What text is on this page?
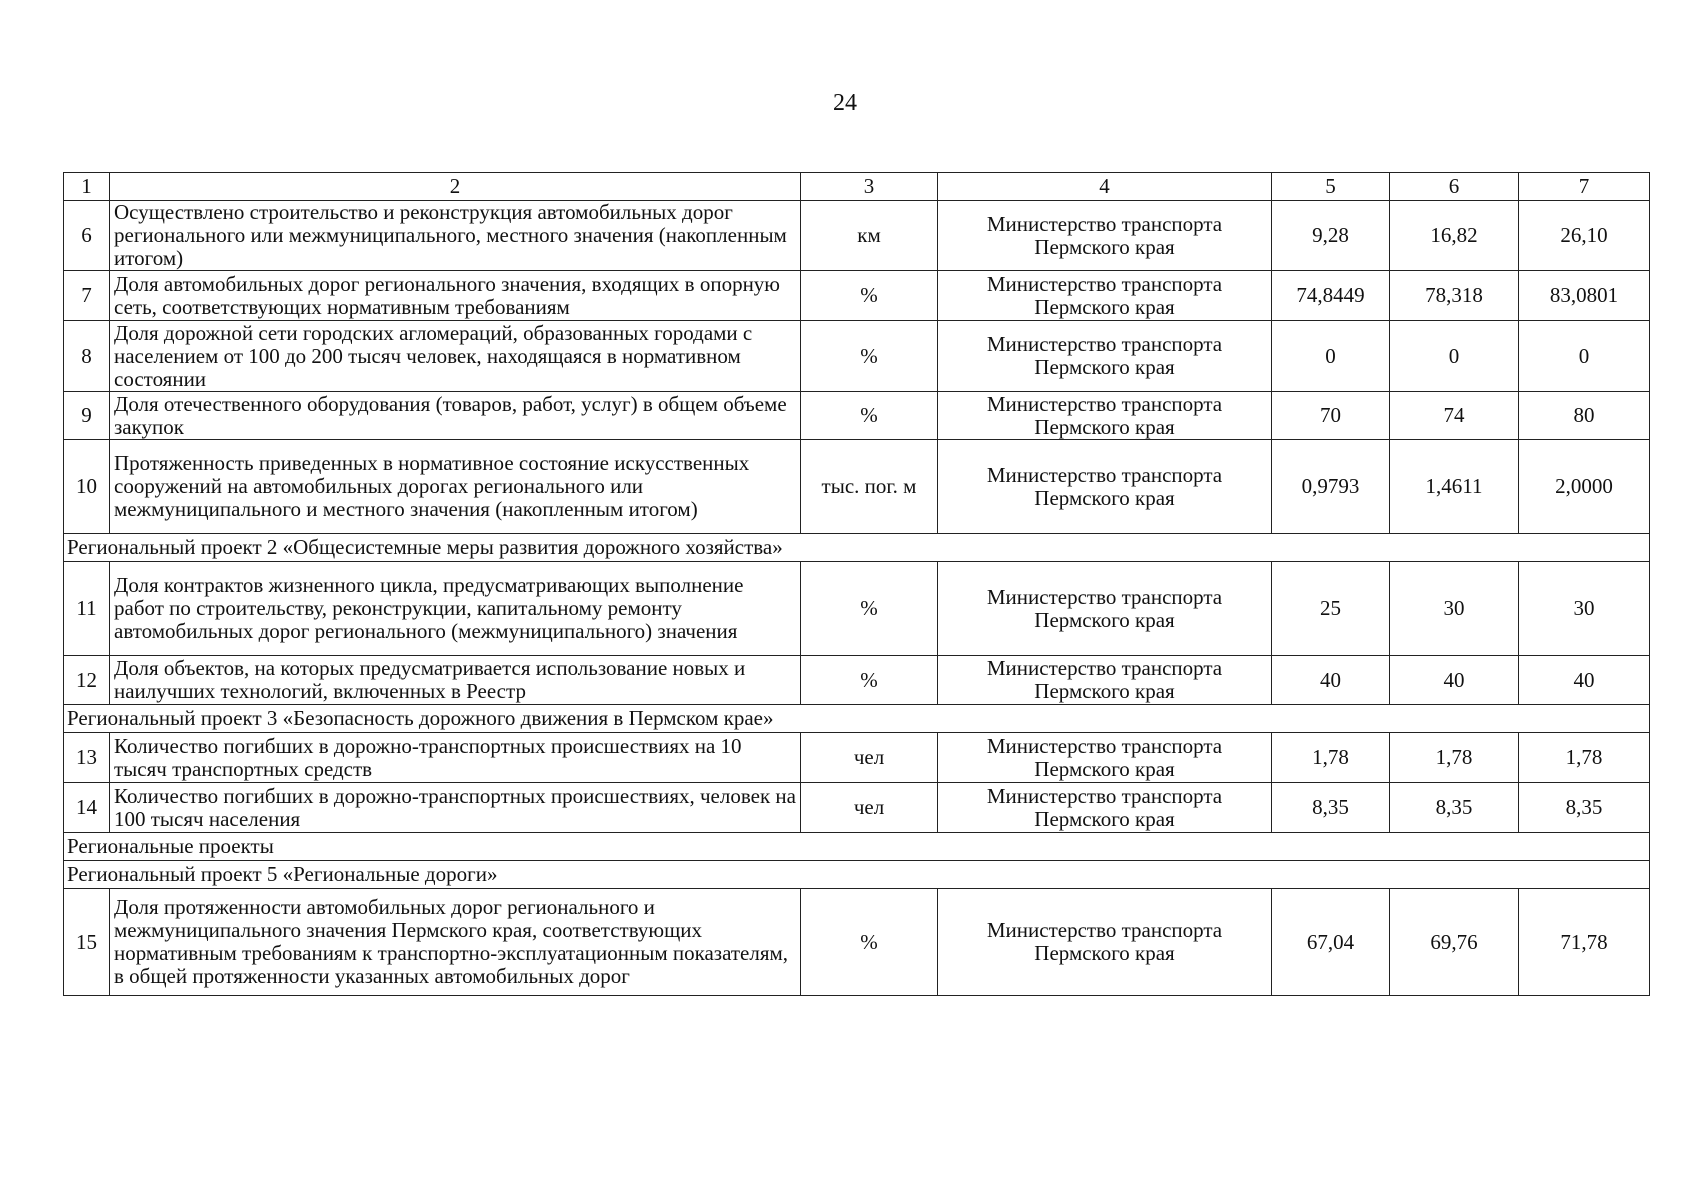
24
1	2	3	4	5	6	7
6	Осуществлено строительство и реконструкция автомобильных дорог регионального или межмуниципального, местного значения (накопленным итогом)	км	Министерство транспорта Пермского края	9,28	16,82	26,10
7	Доля автомобильных дорог регионального значения, входящих в опорную сеть, соответствующих нормативным требованиям	%	Министерство транспорта Пермского края	74,8449	78,318	83,0801
8	Доля дорожной сети городских агломераций, образованных городами с населением от 100 до 200 тысяч человек, находящаяся в нормативном состоянии	%	Министерство транспорта Пермского края	0	0	0
9	Доля отечественного оборудования (товаров, работ, услуг) в общем объеме закупок	%	Министерство транспорта Пермского края	70	74	80
10	Протяженность приведенных в нормативное состояние искусственных сооружений на автомобильных дорогах регионального или межмуниципального и местного значения (накопленным итогом)	тыс. пог. м	Министерство транспорта Пермского края	0,9793	1,4611	2,0000
Региональный проект 2 «Общесистемные меры развития дорожного хозяйства»						
11	Доля контрактов жизненного цикла, предусматривающих выполнение работ по строительству, реконструкции, капитальному ремонту автомобильных дорог регионального (межмуниципального) значения	%	Министерство транспорта Пермского края	25	30	30
12	Доля объектов, на которых предусматривается использование новых и наилучших технологий, включенных в Реестр	%	Министерство транспорта Пермского края	40	40	40
Региональный проект 3 «Безопасность дорожного движения в Пермском крае»						
13	Количество погибших в дорожно-транспортных происшествиях на 10 тысяч транспортных средств	чел	Министерство транспорта Пермского края	1,78	1,78	1,78
14	Количество погибших в дорожно-транспортных происшествиях, человек на 100 тысяч населения	чел	Министерство транспорта Пермского края	8,35	8,35	8,35
Региональные проекты						
Региональный проект 5 «Региональные дороги»						
15	Доля протяженности автомобильных дорог регионального и межмуниципального значения Пермского края, соответствующих нормативным требованиям к транспортно-эксплуатационным показателям, в общей протяженности указанных автомобильных дорог	%	Министерство транспорта Пермского края	67,04	69,76	71,78
